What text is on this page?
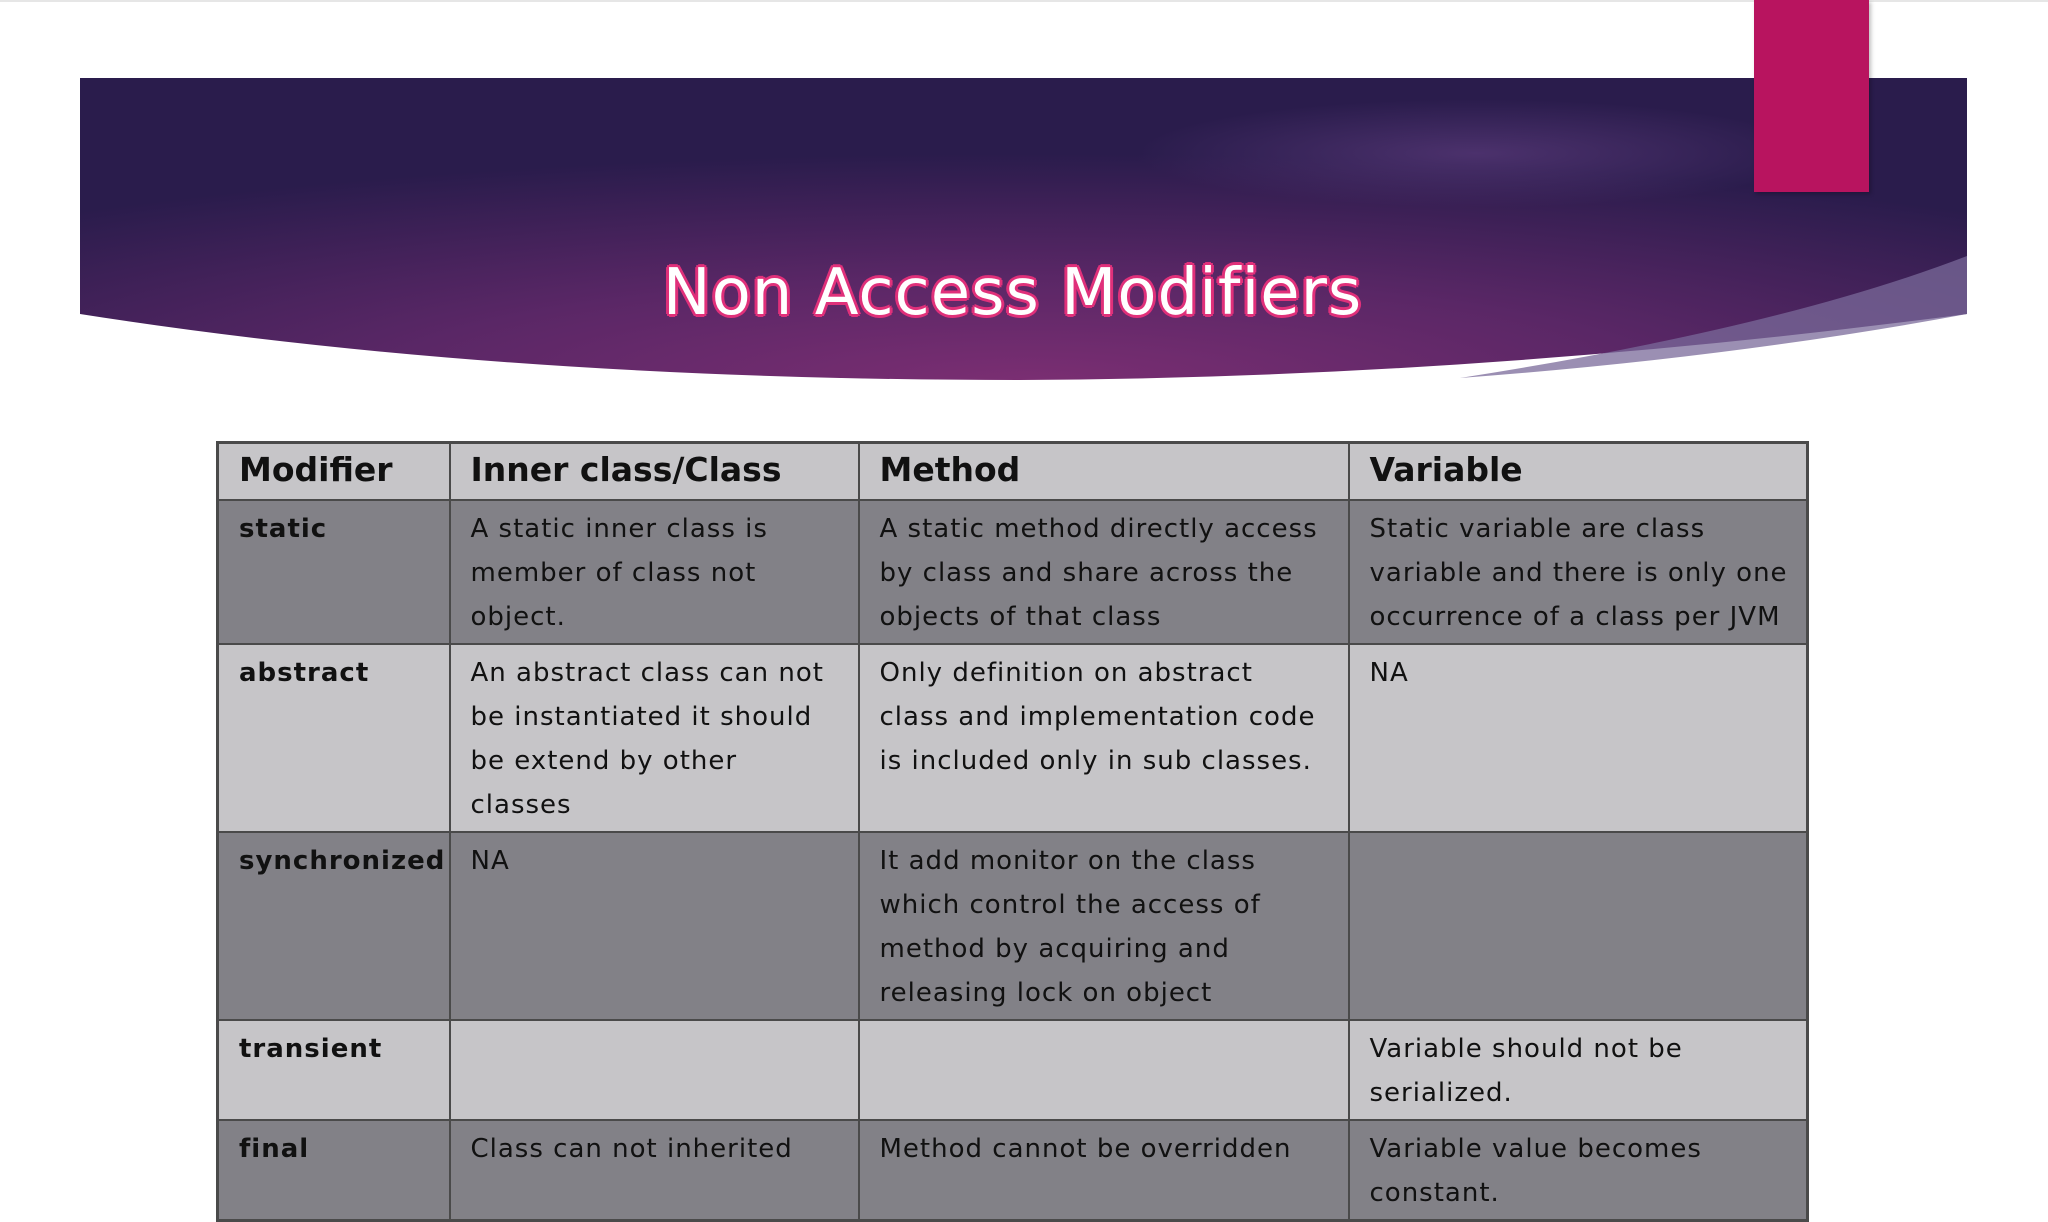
Non Access Modifiers
Modifier	Inner class/Class	Method	Variable
static	A static inner class is member of class not object.	A static method directly access by class and share across the objects of that class	Static variable are class variable and there is only one occurrence of a class per JVM
abstract	An abstract class can not be instantiated it should be extend by other classes	Only definition on abstract class and implementation code is included only in sub classes.	NA
synchronized	NA	It add monitor on the class which control the access of method by acquiring and releasing lock on object	
transient			Variable should not be serialized.
final	Class can not inherited	Method cannot be overridden	Variable value becomes constant.
